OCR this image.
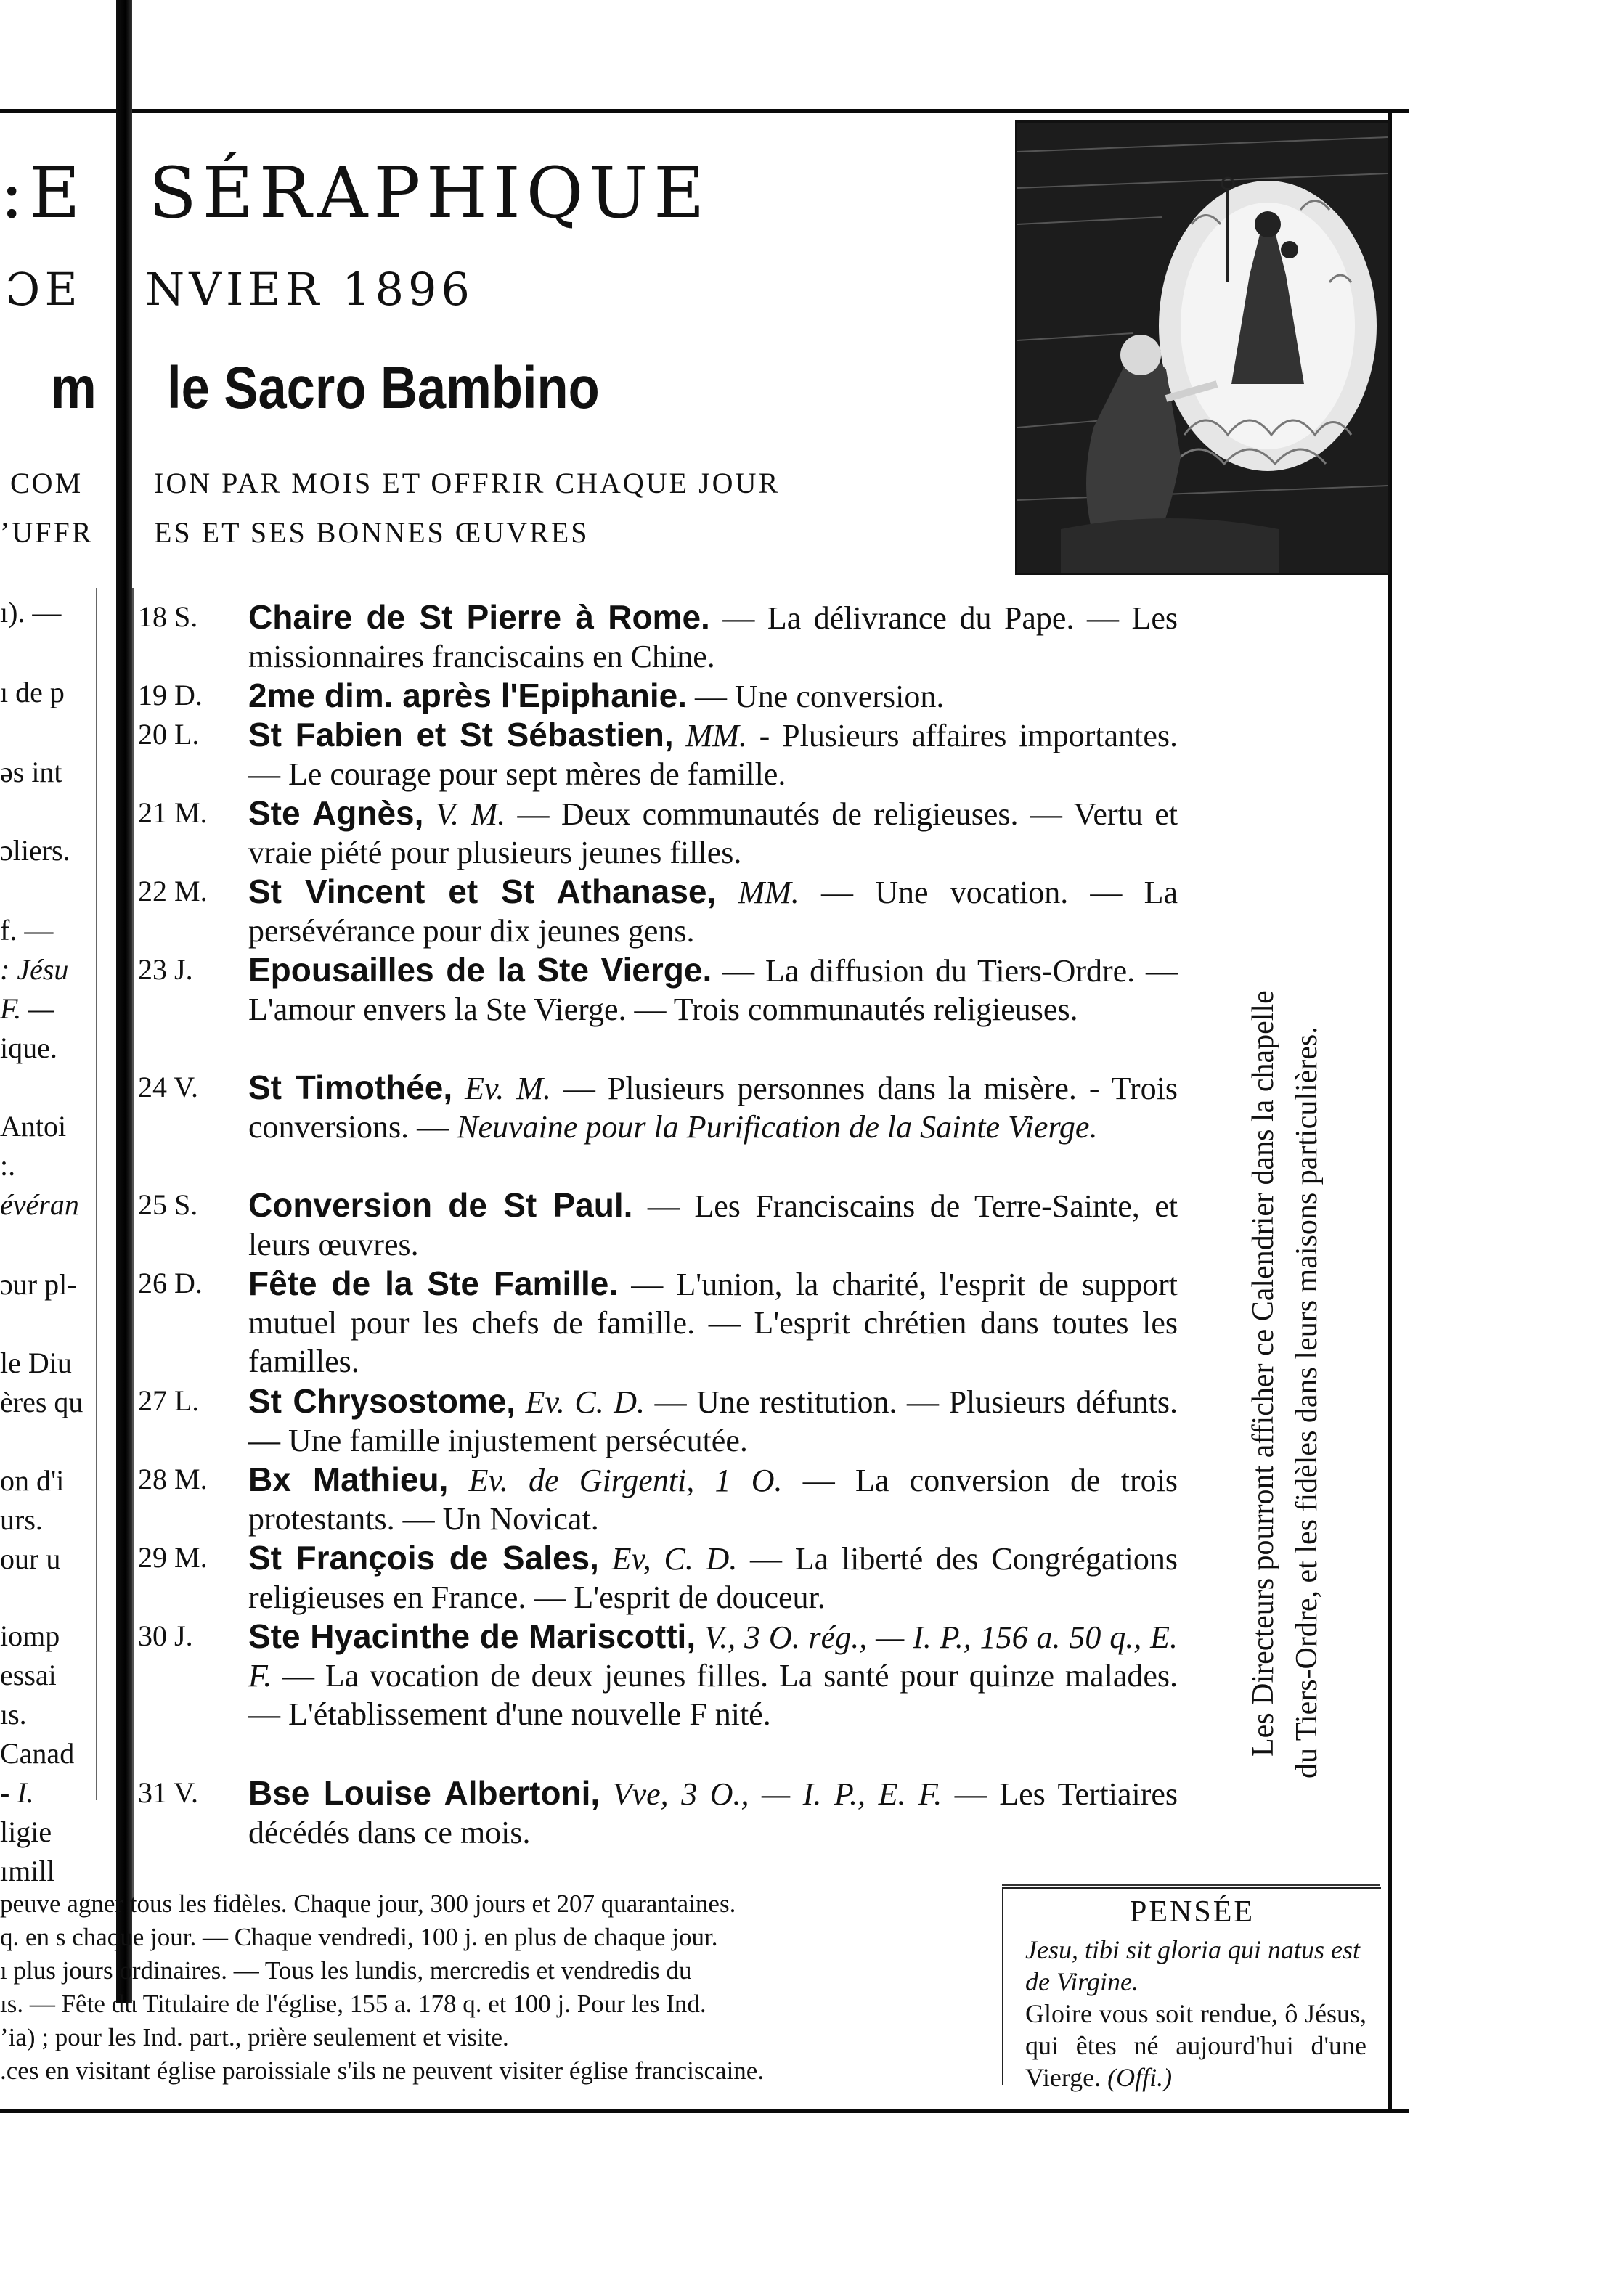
:E SÉRAPHIQUE
ƆE NVIER 1896
m le Sacro Bambino
COM ION PAR MOIS ET OFFRIR CHAQUE JOUR
ʼUFFR ES ET SES BONNES ŒUVRES
ı). —
ı de p
əs int
ɔliers.
f. —
: Jésu
F. —
ique.
Antoi
:.
évéran
ɔur pl-
le Diu
ères qu
on d'i
urs.
our u
iomp
essai
ıs.
Canad
- I.
ligie
ımill
18 S.	Chaire de St Pierre à Rome. — La délivrance du Pape. — Les missionnaires franciscains en Chine.
19 D.	2me dim. après l'Epiphanie. — Une conversion.
20 L.	St Fabien et St Sébastien, MM. - Plusieurs affaires importantes. — Le courage pour sept mères de famille.
21 M.	Ste Agnès, V. M. — Deux communautés de religieuses. — Vertu et vraie piété pour plusieurs jeunes filles.
22 M.	St Vincent et St Athanase, MM. — Une vocation. — La persévérance pour dix jeunes gens.
23 J.	Epousailles de la Ste Vierge. — La diffusion du Tiers-Ordre. — L'amour envers la Ste Vierge. — Trois communautés religieuses.
24 V.	St Timothée, Ev. M. — Plusieurs personnes dans la misère. - Trois conversions. — Neuvaine pour la Purification de la Sainte Vierge.
25 S.	Conversion de St Paul. — Les Franciscains de Terre-Sainte, et leurs œuvres.
26 D.	Fête de la Ste Famille. — L'union, la charité, l'esprit de support mutuel pour les chefs de famille. — L'esprit chrétien dans toutes les familles.
27 L.	St Chrysostome, Ev. C. D. — Une restitution. — Plusieurs défunts. — Une famille injustement persécutée.
28 M.	Bx Mathieu, Ev. de Girgenti, 1 O. — La conversion de trois protestants. — Un Novicat.
29 M.	St François de Sales, Ev, C. D. — La liberté des Congrégations religieuses en France. — L'esprit de douceur.
30 J.	Ste Hyacinthe de Mariscotti, V., 3 O. rég., — I. P., 156 a. 50 q., E. F. — La vocation de deux jeunes filles. La santé pour quinze malades. — L'établissement d'une nouvelle F nité.
31 V.	Bse Louise Albertoni, Vve, 3 O., — I. P., E. F. — Les Tertiaires décédés dans ce mois.
Les Directeurs pourront afficher ce Calendrier dans la chapelle du Tiers-Ordre, et les fidèles dans leurs maisons particulières.
peuve agner tous les fidèles. Chaque jour, 300 jours et 207 quarantaines.
q. en s chaque jour. — Chaque vendredi, 100 j. en plus de chaque jour.
ı plus jours ordinaires. — Tous les lundis, mercredis et vendredis du
ıs. — Fête du Titulaire de l'église, 155 a. 178 q. et 100 j. Pour les Ind.
ʼia) ; pour les Ind. part., prière seulement et visite.
.ces en visitant église paroissiale s'ils ne peuvent visiter église franciscaine.
PENSÉE
Jesu, tibi sit gloria qui natus est de Virgine.
Gloire vous soit rendue, ô Jésus, qui êtes né aujourd'hui d'une Vierge. (Offi.)
